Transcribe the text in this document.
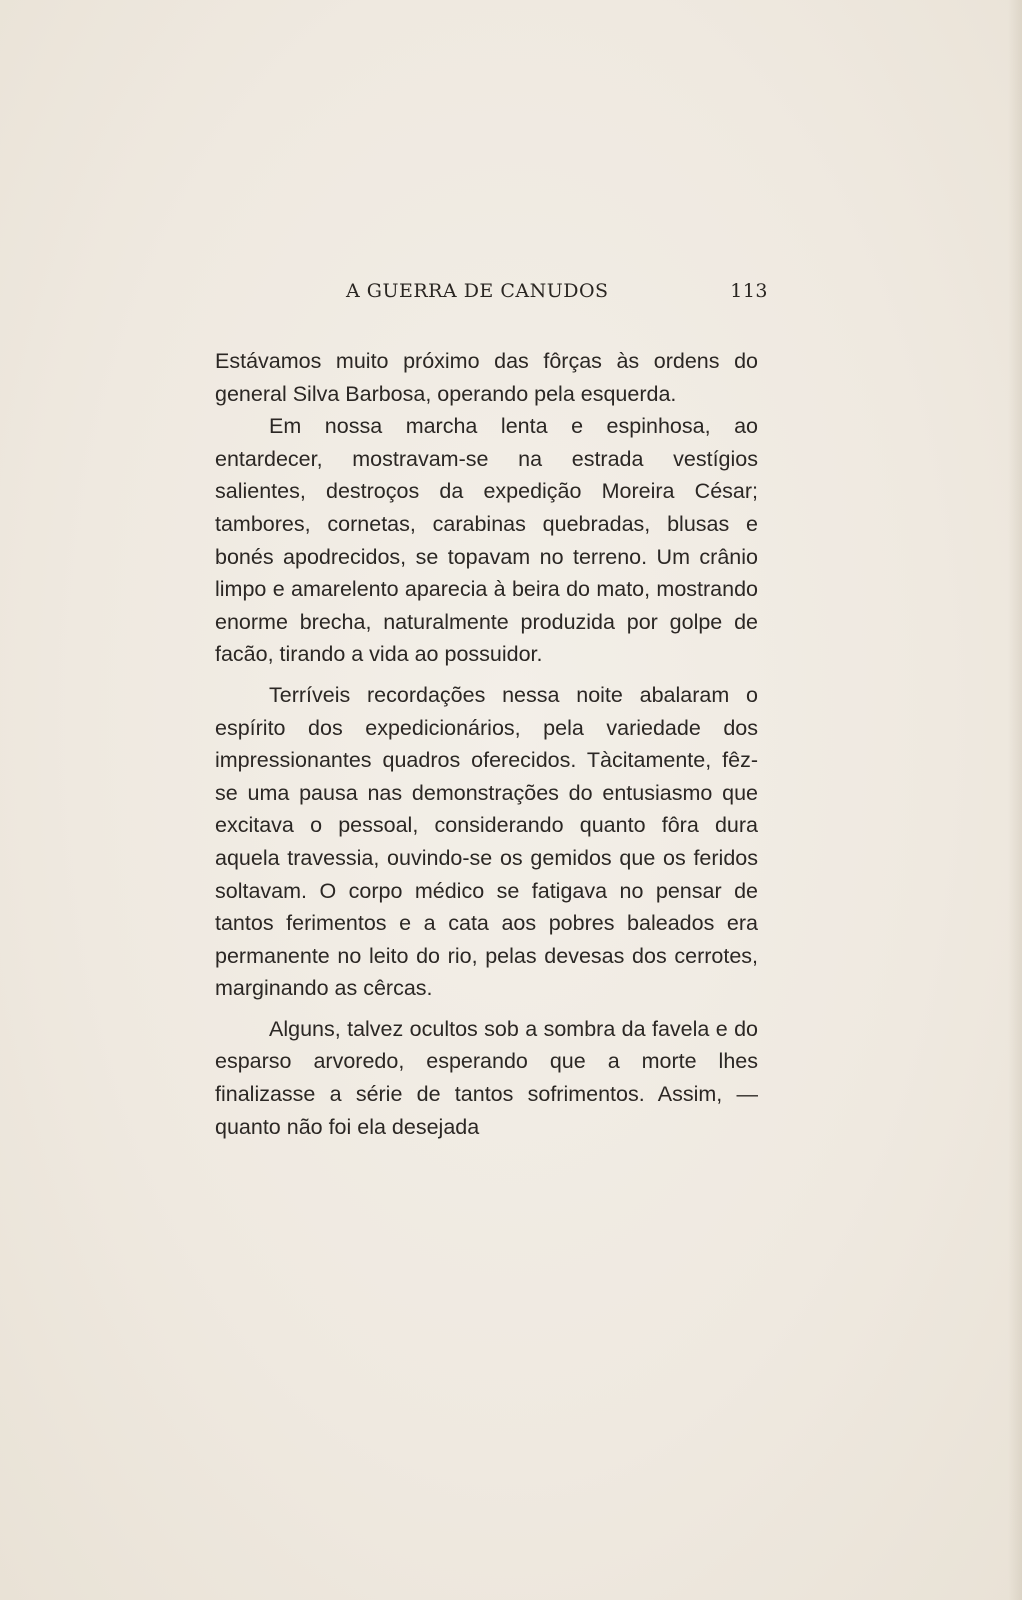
A GUERRA DE CANUDOS	113

Estávamos muito próximo das fôrças às ordens do general Silva Barbosa, operando pela esquerda.

Em nossa marcha lenta e espinhosa, ao entardecer, mostravam-se na estrada vestígios salientes, destroços da expedição Moreira César; tambores, cornetas, carabinas quebradas, blusas e bonés apodrecidos, se topavam no terreno. Um crânio limpo e amarelento aparecia à beira do mato, mostrando enorme brecha, naturalmente produzida por golpe de facão, tirando a vida ao possuidor.

Terríveis recordações nessa noite abalaram o espírito dos expedicionários, pela variedade dos impressionantes quadros oferecidos. Tàcitamente, fêz-se uma pausa nas demonstrações do entusiasmo que excitava o pessoal, considerando quanto fôra dura aquela travessia, ouvindo-se os gemidos que os feridos soltavam. O corpo médico se fatigava no pensar de tantos ferimentos e a cata aos pobres baleados era permanente no leito do rio, pelas devesas dos cerrotes, marginando as cêrcas.

Alguns, talvez ocultos sob a sombra da favela e do esparso arvoredo, esperando que a morte lhes finalizasse a série de tantos sofrimentos. Assim, — quanto não foi ela desejada
